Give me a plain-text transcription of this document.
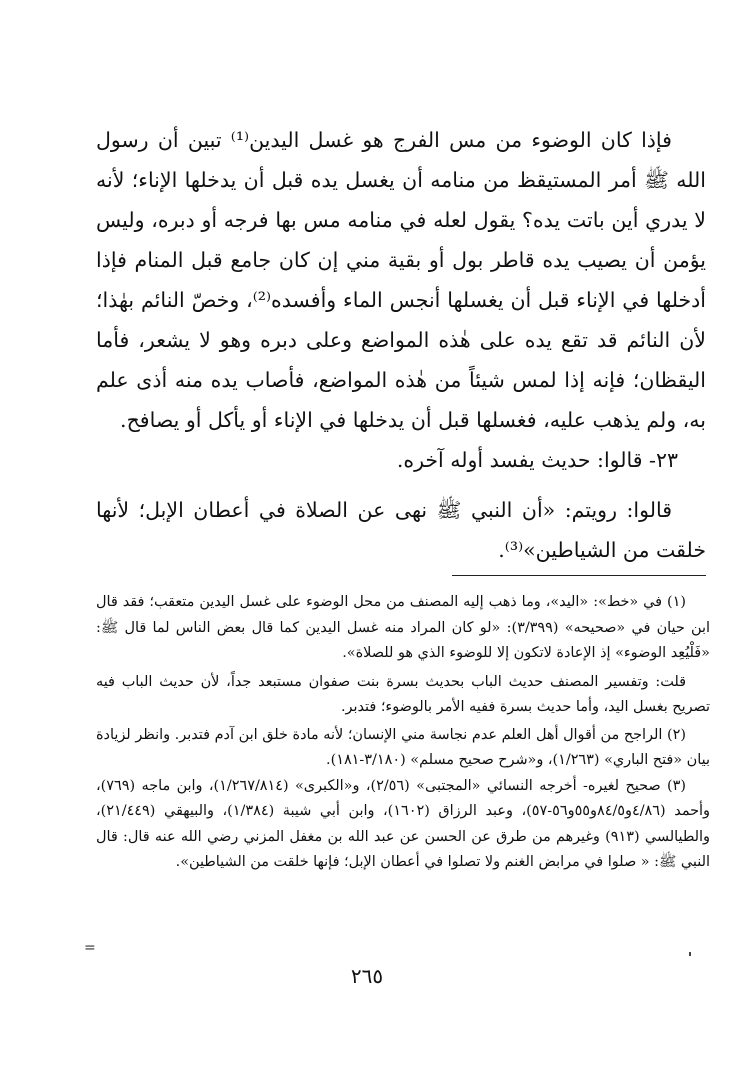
فإذا كان الوضوء من مس الفرج هو غسل اليدين⁽¹⁾ تبين أن رسول الله ﷺ أمر المستيقظ من منامه أن يغسل يده قبل أن يدخلها الإناء؛ لأنه لا يدري أين باتت يده؟ يقول لعله في منامه مس بها فرجه أو دبره، وليس يؤمن أن يصيب يده قاطر بول أو بقية مني إن كان جامع قبل المنام فإذا أدخلها في الإناء قبل أن يغسلها أنجس الماء وأفسده⁽²⁾، وخصّ النائم بهٰذا؛ لأن النائم قد تقع يده على هٰذه المواضع وعلى دبره وهو لا يشعر، فأما اليقظان؛ فإنه إذا لمس شيئاً من هٰذه المواضع، فأصاب يده منه أذى علم به، ولم يذهب عليه، فغسلها قبل أن يدخلها في الإناء أو يأكل أو يصافح.

٢٣- قالوا: حديث يفسد أوله آخره.

قالوا: رويتم: «أن النبي ﷺ نهى عن الصلاة في أعطان الإبل؛ لأنها خلقت من الشياطين»⁽³⁾.

(١) في «خط»: «اليد»، وما ذهب إليه المصنف من محل الوضوء على غسل اليدين متعقب؛ فقد قال ابن حيان في «صحيحه» (٣/٣٩٩): «لو كان المراد منه غسل اليدين كما قال بعض الناس لما قال ﷺ: «فَلْيُعِد الوضوء» إذ الإعادة لاتكون إلا للوضوء الذي هو للصلاة».

قلت: وتفسير المصنف حديث الباب بحديث بسرة بنت صفوان مستبعد جداً، لأن حديث الباب فيه تصريح بغسل اليد، وأما حديث بسرة ففيه الأمر بالوضوء؛ فتدبر.

(٢) الراجح من أقوال أهل العلم عدم نجاسة مني الإنسان؛ لأنه مادة خلق ابن آدم فتدبر. وانظر لزيادة بيان «فتح الباري» (١/٢٦٣)، و«شرح صحيح مسلم» (٣/١٨٠-١٨١).

(٣) صحيح لغيره- أخرجه النسائي «المجتبى» (٢/٥٦)، و«الكبرى» (١/٢٦٧/٨١٤)، وابن ماجه (٧٦٩)، وأحمد (٤/٨٦و٨٤/٥و٥٥و٥٦-٥٧)، وعبد الرزاق (١٦٠٢)، وابن أبي شيبة (١/٣٨٤)، والبيهقي (٢١/٤٤٩)، والطيالسي (٩١٣) وغيرهم من طرق عن الحسن عن عبد الله بن مغفل المزني رضي الله عنه قال: قال النبي ﷺ: « صلوا في مرابض الغنم ولا تصلوا في أعطان الإبل؛ فإنها خلقت من الشياطين».

=
٢٦٥
